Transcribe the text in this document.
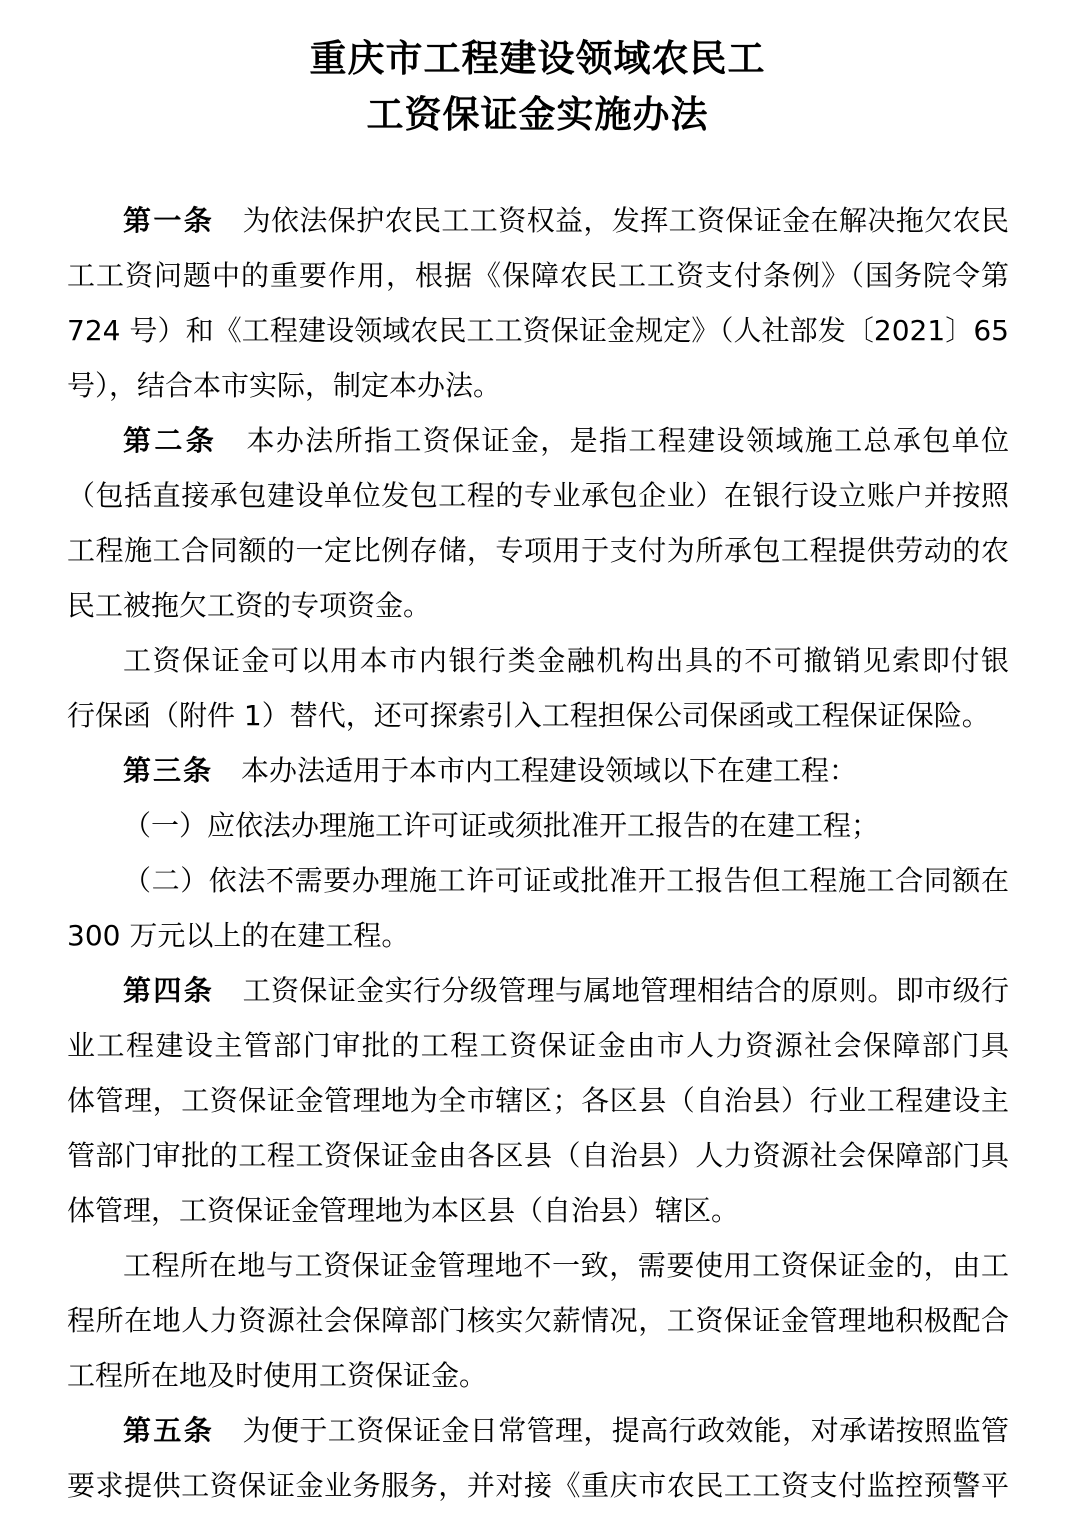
重庆市工程建设领域农民工
工资保证金实施办法
第一条　为依法保护农民工工资权益，发挥工资保证金在解决拖欠农民
工工资问题中的重要作用，根据《保障农民工工资支付条例》（国务院令第
724 号）和《工程建设领域农民工工资保证金规定》（人社部发〔2021〕65
号），结合本市实际，制定本办法。
第二条　本办法所指工资保证金，是指工程建设领域施工总承包单位
（包括直接承包建设单位发包工程的专业承包企业）在银行设立账户并按照
工程施工合同额的一定比例存储，专项用于支付为所承包工程提供劳动的农
民工被拖欠工资的专项资金。
工资保证金可以用本市内银行类金融机构出具的不可撤销见索即付银
行保函（附件 1）替代，还可探索引入工程担保公司保函或工程保证保险。
第三条　本办法适用于本市内工程建设领域以下在建工程：
（一）应依法办理施工许可证或须批准开工报告的在建工程；
（二）依法不需要办理施工许可证或批准开工报告但工程施工合同额在
300 万元以上的在建工程。
第四条　工资保证金实行分级管理与属地管理相结合的原则。即市级行
业工程建设主管部门审批的工程工资保证金由市人力资源社会保障部门具
体管理，工资保证金管理地为全市辖区；各区县（自治县）行业工程建设主
管部门审批的工程工资保证金由各区县（自治县）人力资源社会保障部门具
体管理，工资保证金管理地为本区县（自治县）辖区。
工程所在地与工资保证金管理地不一致，需要使用工资保证金的，由工
程所在地人力资源社会保障部门核实欠薪情况，工资保证金管理地积极配合
工程所在地及时使用工资保证金。
第五条　为便于工资保证金日常管理，提高行政效能，对承诺按照监管
要求提供工资保证金业务服务，并对接《重庆市农民工工资支付监控预警平
